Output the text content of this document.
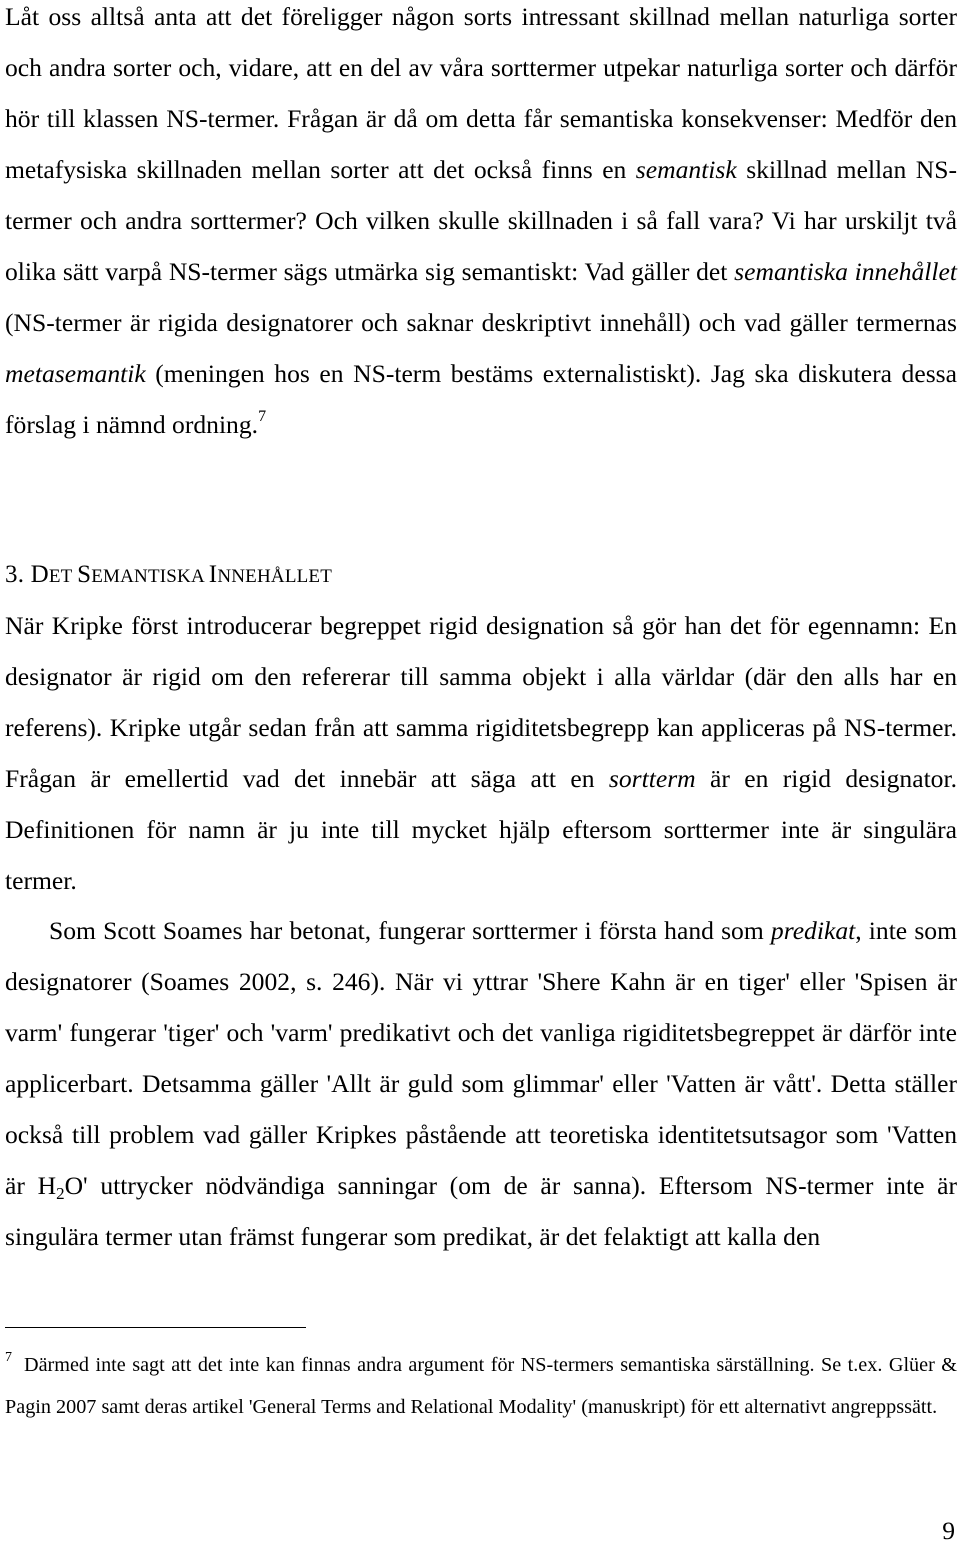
Låt oss alltså anta att det föreligger någon sorts intressant skillnad mellan naturliga sorter och andra sorter och, vidare, att en del av våra sorttermer utpekar naturliga sorter och därför hör till klassen NS-termer. Frågan är då om detta får semantiska konsekvenser: Medför den metafysiska skillnaden mellan sorter att det också finns en semantisk skillnad mellan NS-termer och andra sorttermer? Och vilken skulle skillnaden i så fall vara? Vi har urskiljt två olika sätt varpå NS-termer sägs utmärka sig semantiskt: Vad gäller det semantiska innehållet (NS-termer är rigida designatorer och saknar deskriptivt innehåll) och vad gäller termernas metasemantik (meningen hos en NS-term bestäms externalistiskt). Jag ska diskutera dessa förslag i nämnd ordning.$^7$

3. DET SEMANTISKA INNEHÅLLET

När Kripke först introducerar begreppet rigid designation så gör han det för egennamn: En designator är rigid om den refererar till samma objekt i alla världar (där den alls har en referens). Kripke utgår sedan från att samma rigiditetsbegrepp kan appliceras på NS-termer. Frågan är emellertid vad det innebär att säga att en sortterm är en rigid designator. Definitionen för namn är ju inte till mycket hjälp eftersom sorttermer inte är singulära termer.

Som Scott Soames har betonat, fungerar sorttermer i första hand som predikat, inte som designatorer (Soames 2002, s. 246). När vi yttrar 'Shere Kahn är en tiger' eller 'Spisen är varm' fungerar 'tiger' och 'varm' predikativt och det vanliga rigiditetsbegreppet är därför inte applicerbart. Detsamma gäller 'Allt är guld som glimmar' eller 'Vatten är vått'. Detta ställer också till problem vad gäller Kripkes påstående att teoretiska identitetsutsagor som 'Vatten är $H_2O'$ uttrycker nödvändiga sanningar (om de är sanna). Eftersom NS-termer inte är singulära termer utan främst fungerar som predikat, är det felaktigt att kalla den

$^7$ Därmed inte sagt att det inte kan finnas andra argument för NS-termers semantiska särställning. Se t.ex. Glüer & Pagin 2007 samt deras artikel 'General Terms and Relational Modality' (manuskript) för ett alternativt angreppssätt.

9
